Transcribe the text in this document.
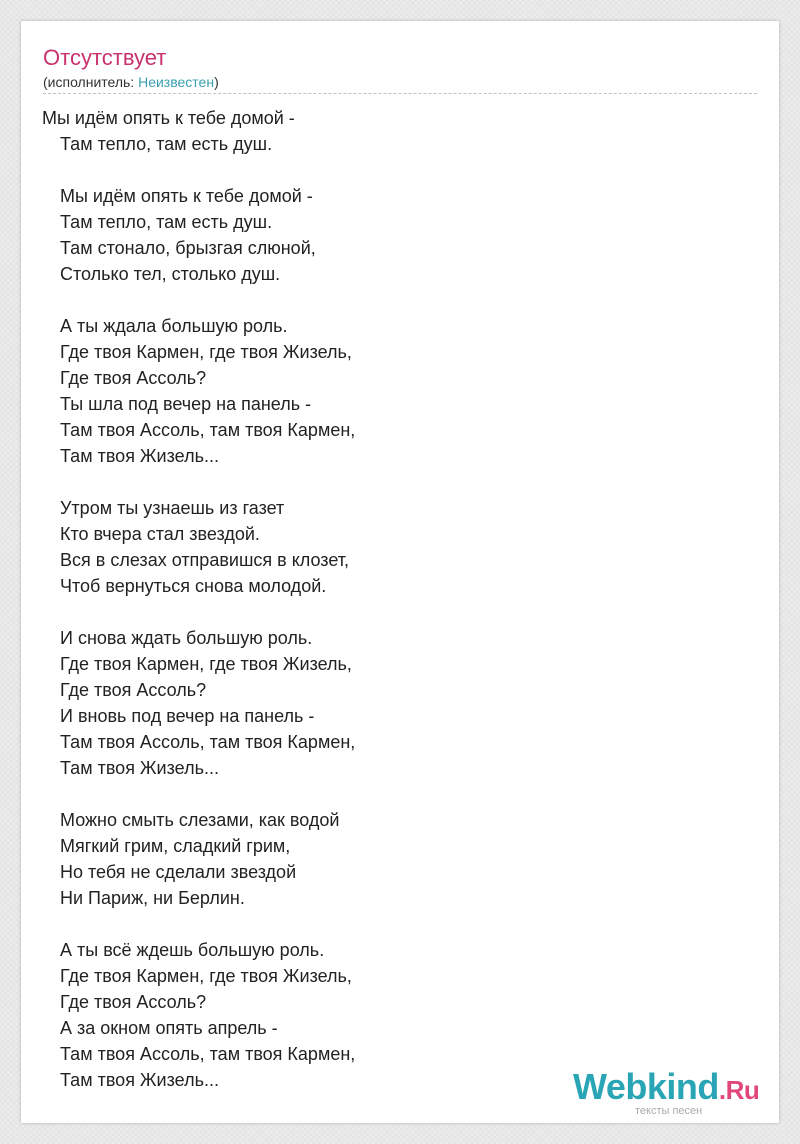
Отсутствует
(исполнитель: Неизвестен)
Мы идём опять к тебе домой -
Там тепло, там есть душ.
Мы идём опять к тебе домой -
Там тепло, там есть душ.
Там стонало, брызгая слюной,
Столько тел, столько душ.
А ты ждала большую роль.
Где твоя Кармен, где твоя Жизель,
Где твоя Ассоль?
Ты шла под вечер на панель -
Там твоя Ассоль, там твоя Кармен,
Там твоя Жизель...
Утром ты узнаешь из газет
Кто вчера стал звездой.
Вся в слезах отправишся в клозет,
Чтоб вернуться снова молодой.
И снова ждать большую роль.
Где твоя Кармен, где твоя Жизель,
Где твоя Ассоль?
И вновь под вечер на панель -
Там твоя Ассоль, там твоя Кармен,
Там твоя Жизель...
Можно смыть слезами, как водой
Мягкий грим, сладкий грим,
Но тебя не сделали звездой
Ни Париж, ни Берлин.
А ты всё ждешь большую роль.
Где твоя Кармен, где твоя Жизель,
Где твоя Ассоль?
А за окном опять апрель -
Там твоя Ассоль, там твоя Кармен,
Там твоя Жизель...	Webkind.Ru
тексты песен
